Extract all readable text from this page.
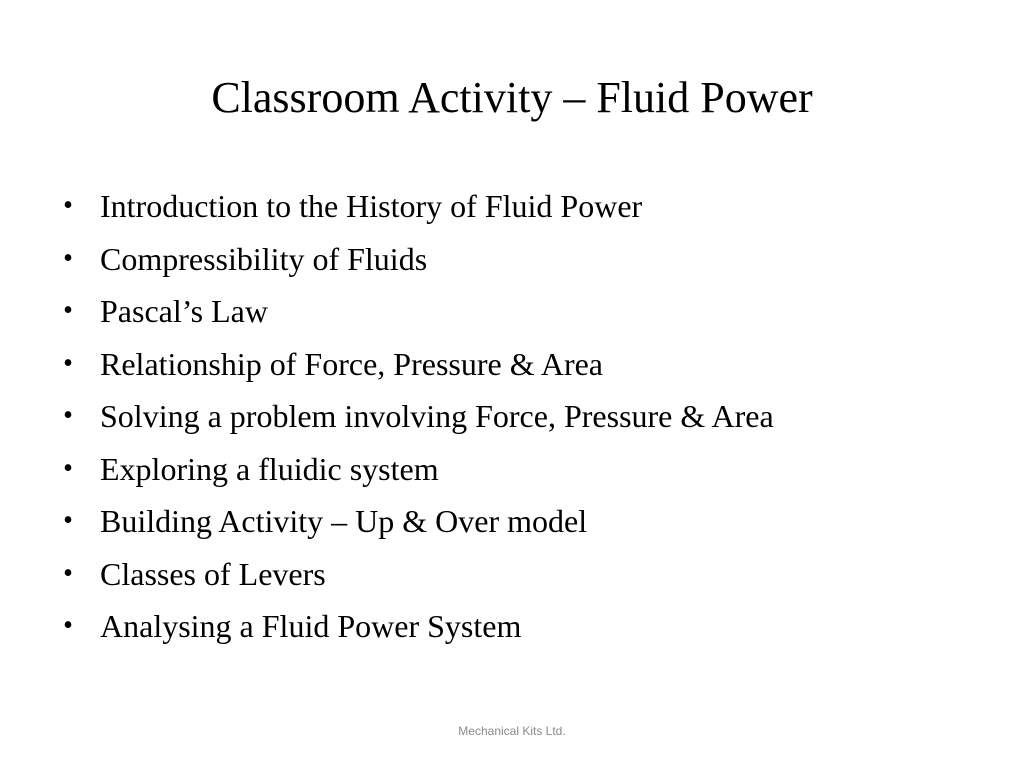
Classroom Activity – Fluid Power
• Introduction to the History of Fluid Power
• Compressibility of Fluids
• Pascal’s Law
• Relationship of Force, Pressure & Area
• Solving a problem involving Force, Pressure & Area
• Exploring a fluidic system
• Building Activity – Up & Over model
• Classes of Levers
• Analysing a Fluid Power System
Mechanical Kits Ltd.
